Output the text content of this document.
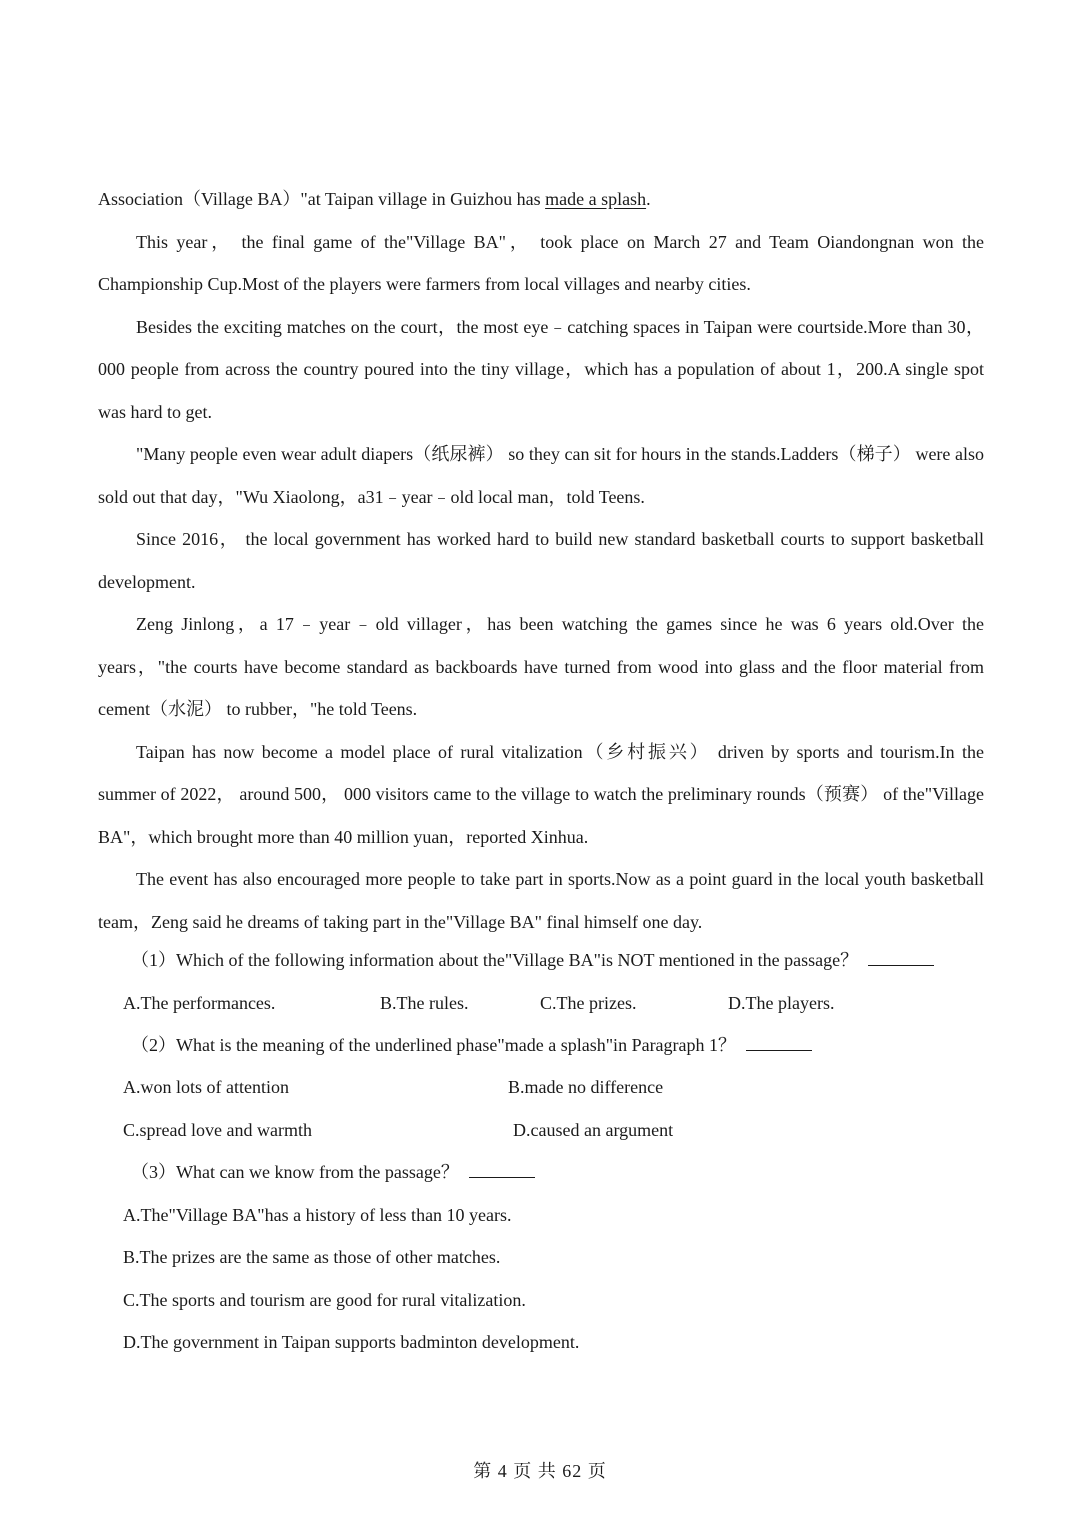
Association（Village BA）"at Taipan village in Guizhou has made a splash.

This year， the final game of the"Village BA"， took place on March 27 and Team Oiandongnan won the Championship Cup.Most of the players were farmers from local villages and nearby cities.

Besides the exciting matches on the court，the most eye﹣catching spaces in Taipan were courtside.More than 30，000 people from across the country poured into the tiny village，which has a population of about 1，200.A single spot was hard to get.

"Many people even wear adult diapers（纸尿裤） so they can sit for hours in the stands.Ladders（梯子） were also sold out that day，"Wu Xiaolong，a31﹣year﹣old local man，told Teens.

Since 2016， the local government has worked hard to build new standard basketball courts to support basketball development.

Zeng Jinlong，a 17﹣year﹣old villager，has been watching the games since he was 6 years old.Over the years，"the courts have become standard as backboards have turned from wood into glass and the floor material from cement（水泥） to rubber，"he told Teens.

Taipan has now become a model place of rural vitalization（乡村振兴） driven by sports and tourism.In the summer of 2022， around 500， 000 visitors came to the village to watch the preliminary rounds（预赛） of the"Village BA"，which brought more than 40 million yuan，reported Xinhua.

The event has also encouraged more people to take part in sports.Now as a point guard in the local youth basketball team，Zeng said he dreams of taking part in the"Village BA" final himself one day.

（1）Which of the following information about the"Village BA"is NOT mentioned in the passage？
A.The performances.	B.The rules.	C.The prizes.	D.The players.
（2）What is the meaning of the underlined phase"made a splash"in Paragraph 1？
A.won lots of attention	B.made no difference
C.spread love and warmth	D.caused an argument
（3）What can we know from the passage？
A.The"Village BA"has a history of less than 10 years.
B.The prizes are the same as those of other matches.
C.The sports and tourism are good for rural vitalization.
D.The government in Taipan supports badminton development.
第 4 页 共 62 页
